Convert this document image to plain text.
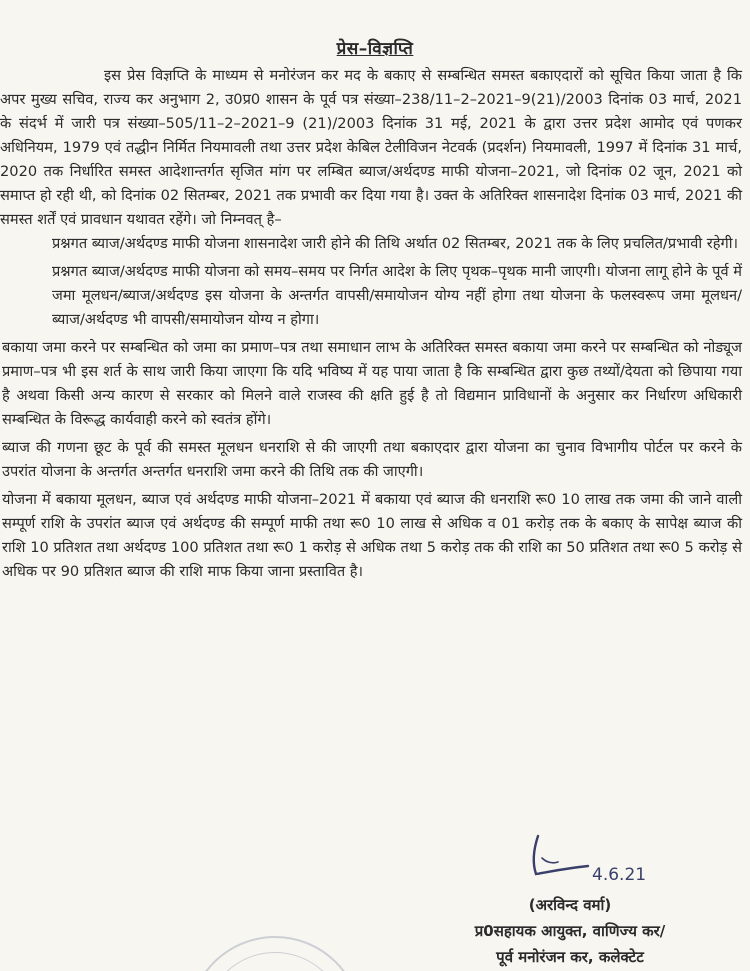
प्रेस–विज्ञप्ति

इस प्रेस विज्ञप्ति के माध्यम से मनोरंजन कर मद के बकाए से सम्बन्धित समस्त बकाएदारों को सूचित किया जाता है कि अपर मुख्य सचिव, राज्य कर अनुभाग 2, उ0प्र0 शासन के पूर्व पत्र संख्या–238/11–2–2021–9(21)/2003 दिनांक 03 मार्च, 2021 के संदर्भ में जारी पत्र संख्या–505/11–2–2021–9 (21)/2003 दिनांक 31 मई, 2021 के द्वारा उत्तर प्रदेश आमोद एवं पणकर अधिनियम, 1979 एवं तद्धीन निर्मित नियमावली तथा उत्तर प्रदेश केबिल टेलीविजन नेटवर्क (प्रदर्शन) नियमावली, 1997 में दिनांक 31 मार्च, 2020 तक निर्धारित समस्त आदेशान्तर्गत सृजित मांग पर लम्बित ब्याज/अर्थदण्ड माफी योजना–2021, जो दिनांक 02 जून, 2021 को समाप्त हो रही थी, को दिनांक 02 सितम्बर, 2021 तक प्रभावी कर दिया गया है। उक्त के अतिरिक्त शासनादेश दिनांक 03 मार्च, 2021 की समस्त शर्तें एवं प्रावधान यथावत रहेंगे। जो निम्नवत् है–

प्रश्नगत ब्याज/अर्थदण्ड माफी योजना शासनादेश जारी होने की तिथि अर्थात 02 सितम्बर, 2021 तक के लिए प्रचलित/प्रभावी रहेगी।
प्रश्नगत ब्याज/अर्थदण्ड माफी योजना को समय–समय पर निर्गत आदेश के लिए पृथक–पृथक मानी जाएगी। योजना लागू होने के पूर्व में जमा मूलधन/ब्याज/अर्थदण्ड इस योजना के अन्तर्गत वापसी/समायोजन योग्य नहीं होगा तथा योजना के फलस्वरूप जमा मूलधन/ब्याज/अर्थदण्ड भी वापसी/समायोजन योग्य न होगा।
बकाया जमा करने पर सम्बन्धित को जमा का प्रमाण–पत्र तथा समाधान लाभ के अतिरिक्त समस्त बकाया जमा करने पर सम्बन्धित को नोड्यूज प्रमाण–पत्र भी इस शर्त के साथ जारी किया जाएगा कि यदि भविष्य में यह पाया जाता है कि सम्बन्धित द्वारा कुछ तथ्यों/देयता को छिपाया गया है अथवा किसी अन्य कारण से सरकार को मिलने वाले राजस्व की क्षति हुई है तो विद्यमान प्राविधानों के अनुसार कर निर्धारण अधिकारी सम्बन्धित के विरूद्ध कार्यवाही करने को स्वतंत्र होंगे।
ब्याज की गणना छूट के पूर्व की समस्त मूलधन धनराशि से की जाएगी तथा बकाएदार द्वारा योजना का चुनाव विभागीय पोर्टल पर करने के उपरांत योजना के अन्तर्गत अन्तर्गत धनराशि जमा करने की तिथि तक की जाएगी।
योजना में बकाया मूलधन, ब्याज एवं अर्थदण्ड माफी योजना–2021 में बकाया एवं ब्याज की धनराशि रू0 10 लाख तक जमा की जाने वाली सम्पूर्ण राशि के उपरांत ब्याज एवं अर्थदण्ड की सम्पूर्ण माफी तथा रू0 10 लाख से अधिक व 01 करोड़ तक के बकाए के सापेक्ष ब्याज की राशि 10 प्रतिशत तथा अर्थदण्ड 100 प्रतिशत तथा रू0 1 करोड़ से अधिक तथा 5 करोड़ तक की राशि का 50 प्रतिशत तथा रू0 5 करोड़ से अधिक पर 90 प्रतिशत ब्याज की राशि माफ किया जाना प्रस्तावित है।
4.6.21
(अरविन्द वर्मा)
प्र0सहायक आयुक्त, वाणिज्य कर/
पूर्व मनोरंजन कर, कलेक्टेट
